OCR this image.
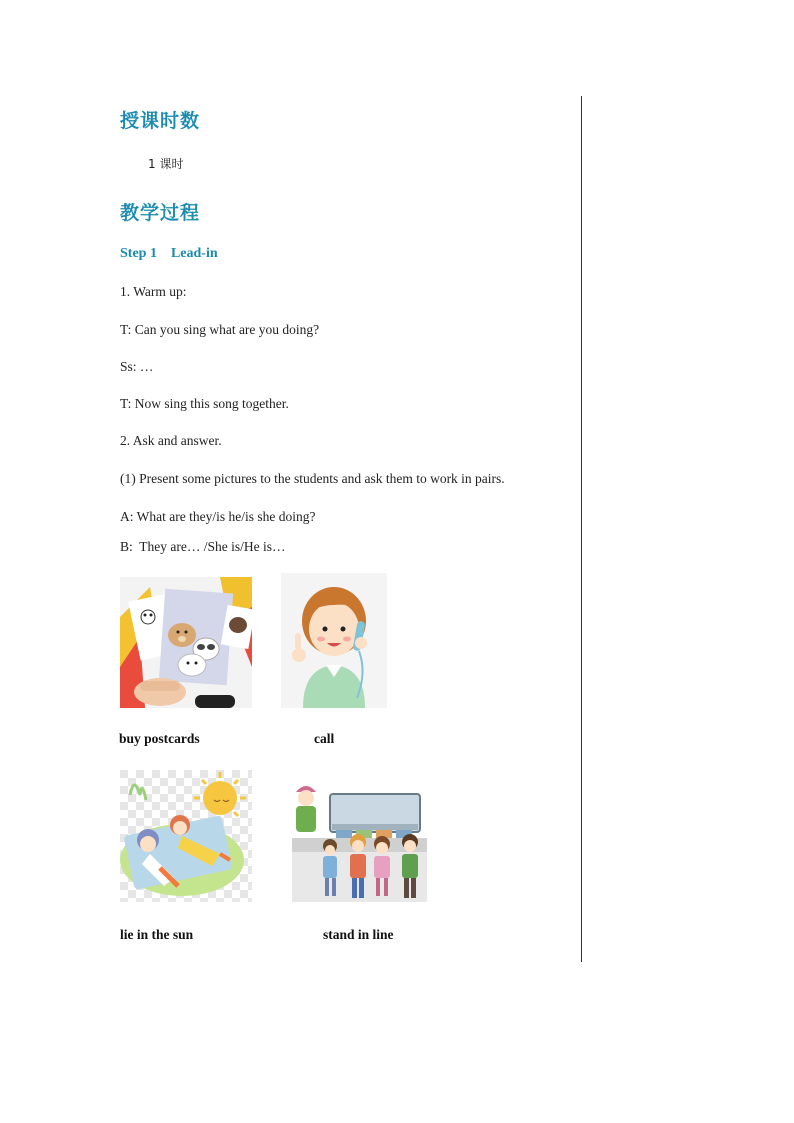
授课时数
1 课时
教学过程
Step 1    Lead-in
1. Warm up:
T: Can you sing what are you doing?
Ss: …
T: Now sing this song together.
2. Ask and answer.
(1) Present some pictures to the students and ask them to work in pairs.
A: What are they/is he/is she doing?
B:  They are… /She is/He is…
buy postcards	call
lie in the sun	stand in line
